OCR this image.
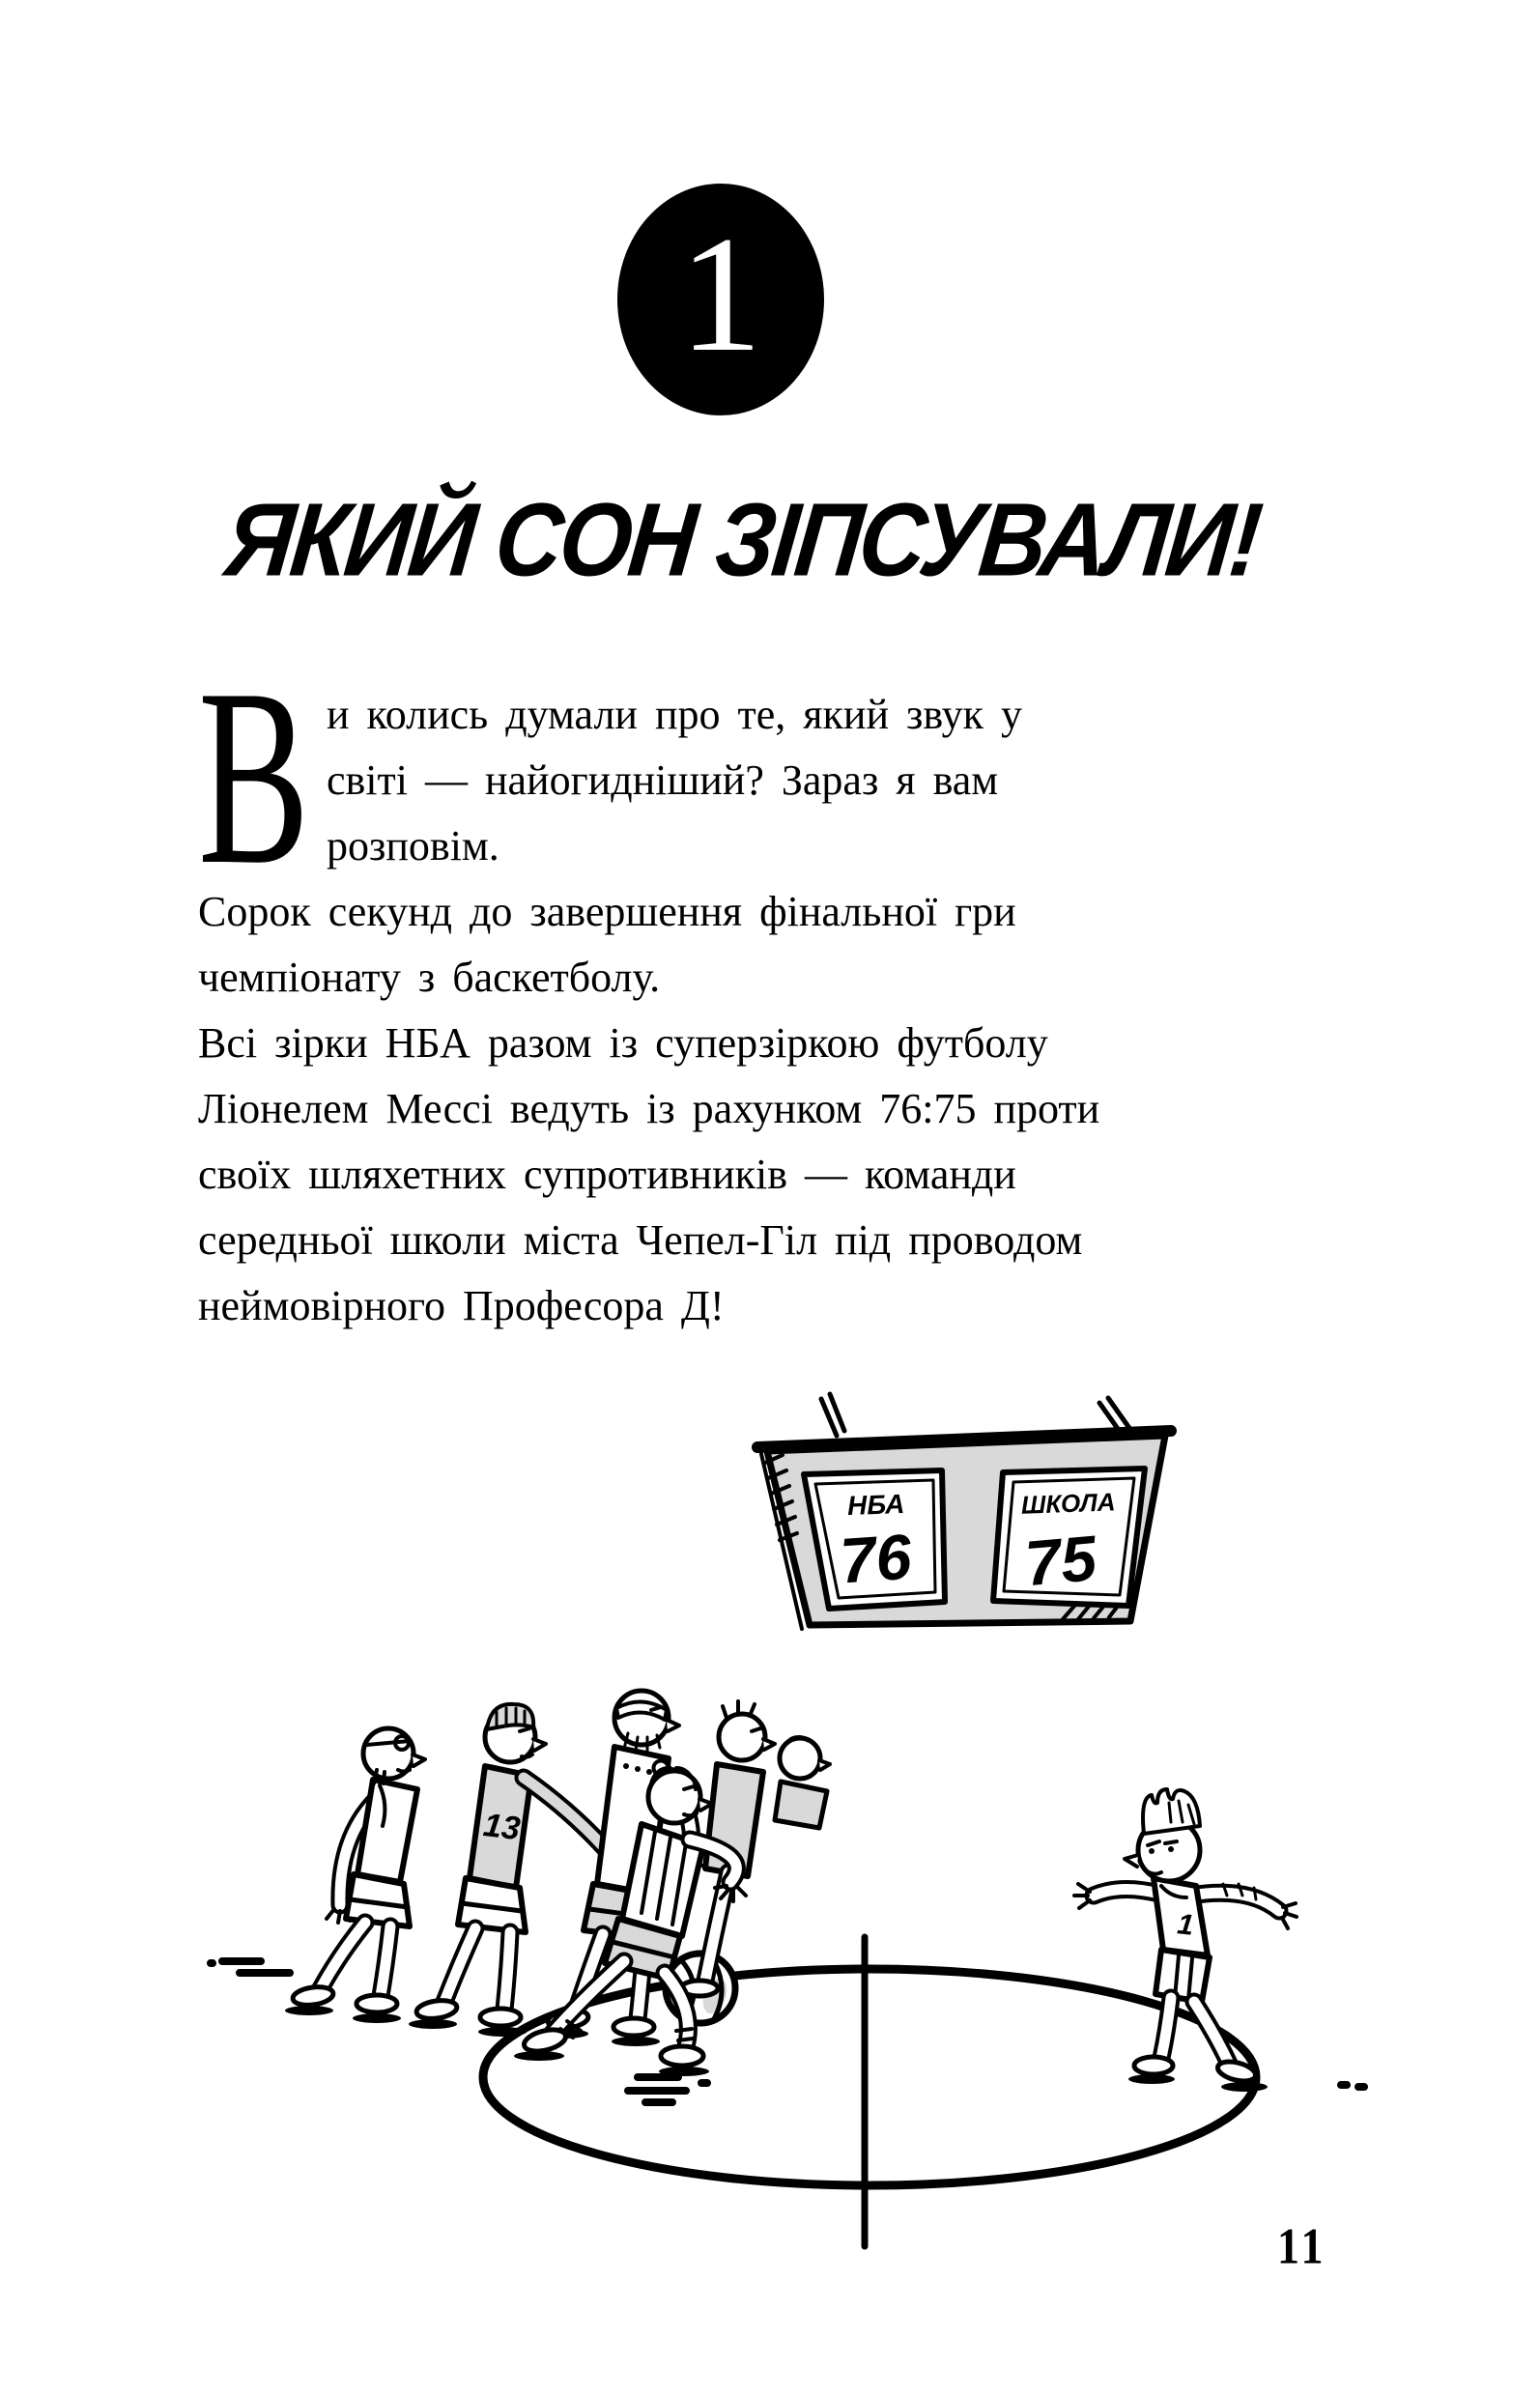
1
ЯКИЙ СОН ЗІПСУВАЛИ!
В и колись думали про те, який звук у
світі — найогидніший? Зараз я вам
розповім.
Сорок секунд до завершення фінальної гри
чемпіонату з баскетболу.
Всі зірки НБА разом із суперзіркою футболу
Ліонелем Мессі ведуть із рахунком 76:75 проти
своїх шляхетних супротивників — команди
середньої школи міста Чепел-Гіл під проводом
неймовірного Професора Д!
НБА
76
ШКОЛА
75
13
1
11
